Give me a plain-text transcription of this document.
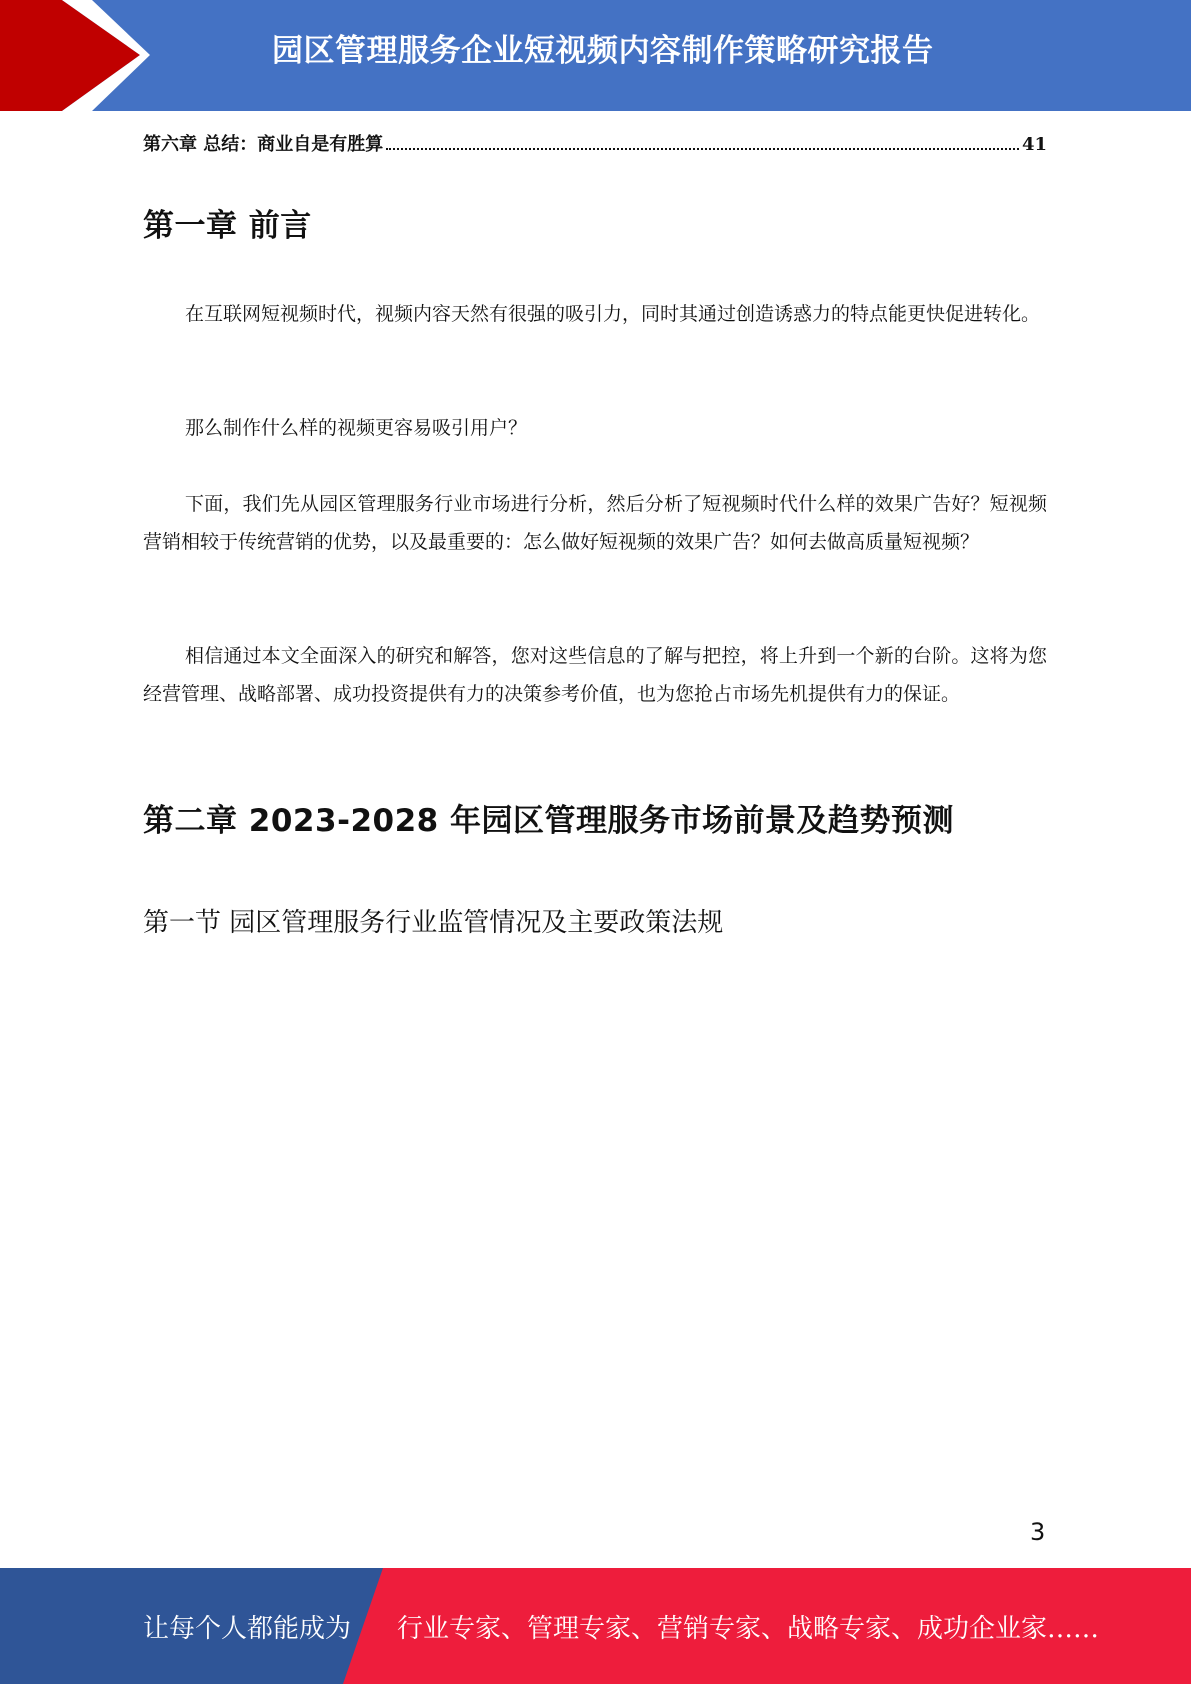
园区管理服务企业短视频内容制作策略研究报告
第六章 总结：商业自是有胜算	41
第一章 前言

在互联网短视频时代，视频内容天然有很强的吸引力，同时其通过创造诱惑力的特点能更快促进转化。

那么制作什么样的视频更容易吸引用户？

下面，我们先从园区管理服务行业市场进行分析，然后分析了短视频时代什么样的效果广告好？短视频营销相较于传统营销的优势，以及最重要的：怎么做好短视频的效果广告？如何去做高质量短视频？

相信通过本文全面深入的研究和解答，您对这些信息的了解与把控，将上升到一个新的台阶。这将为您经营管理、战略部署、成功投资提供有力的决策参考价值，也为您抢占市场先机提供有力的保证。

第二章 2023-2028 年园区管理服务市场前景及趋势预测
第一节 园区管理服务行业监管情况及主要政策法规
3
让每个人都能成为 行业专家、管理专家、营销专家、战略专家、成功企业家……
